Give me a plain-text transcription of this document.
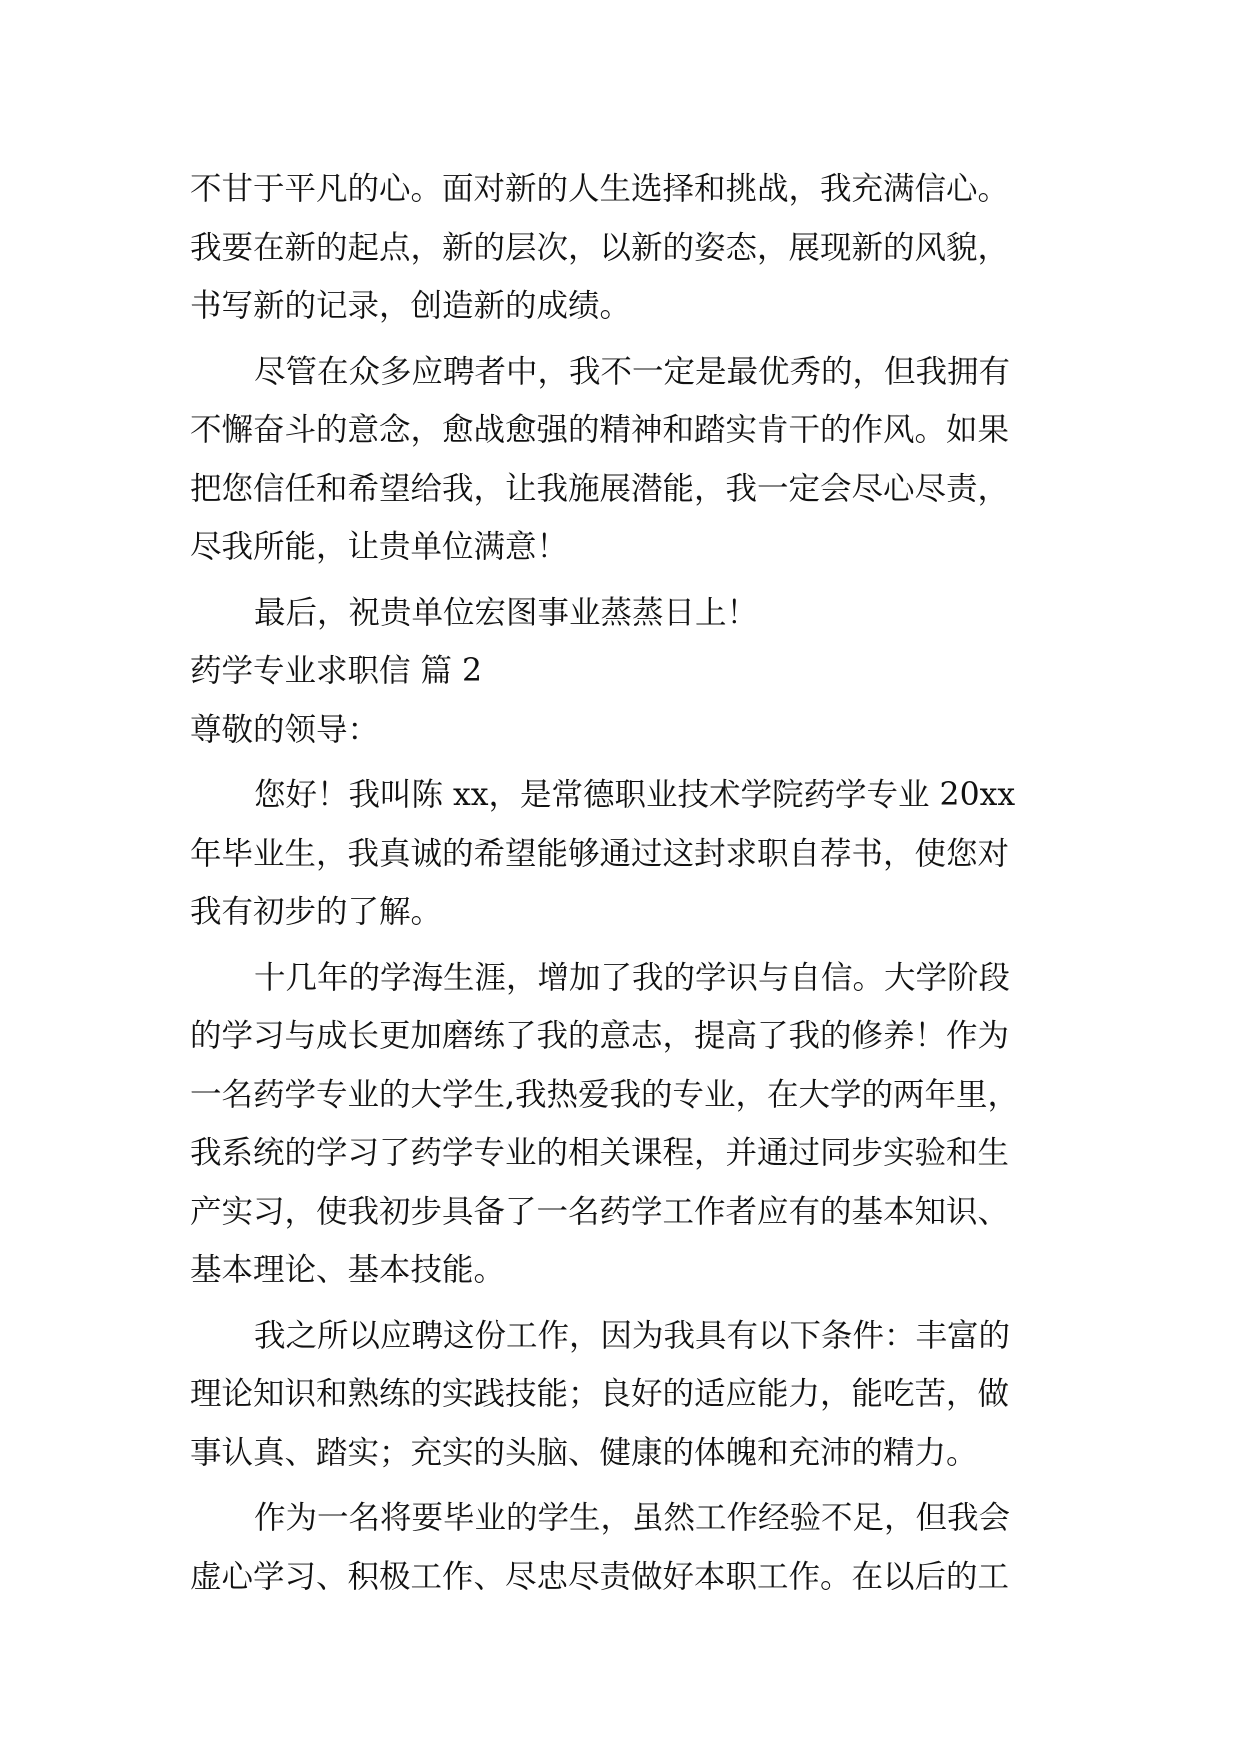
不甘于平凡的心。面对新的人生选择和挑战，我充满信心。
我要在新的起点，新的层次，以新的姿态，展现新的风貌，
书写新的记录，创造新的成绩。
尽管在众多应聘者中，我不一定是最优秀的，但我拥有
不懈奋斗的意念，愈战愈强的精神和踏实肯干的作风。如果
把您信任和希望给我，让我施展潜能，我一定会尽心尽责，
尽我所能，让贵单位满意！
最后，祝贵单位宏图事业蒸蒸日上！
药学专业求职信 篇 2
尊敬的领导：
您好！我叫陈 xx，是常德职业技术学院药学专业 20xx
年毕业生，我真诚的希望能够通过这封求职自荐书，使您对
我有初步的了解。
十几年的学海生涯，增加了我的学识与自信。大学阶段
的学习与成长更加磨练了我的意志，提高了我的修养！作为
一名药学专业的大学生,我热爱我的专业，在大学的两年里，
我系统的学习了药学专业的相关课程，并通过同步实验和生
产实习，使我初步具备了一名药学工作者应有的基本知识、
基本理论、基本技能。
我之所以应聘这份工作，因为我具有以下条件：丰富的
理论知识和熟练的实践技能；良好的适应能力，能吃苦，做
事认真、踏实；充实的头脑、健康的体魄和充沛的精力。
作为一名将要毕业的学生，虽然工作经验不足，但我会
虚心学习、积极工作、尽忠尽责做好本职工作。在以后的工
